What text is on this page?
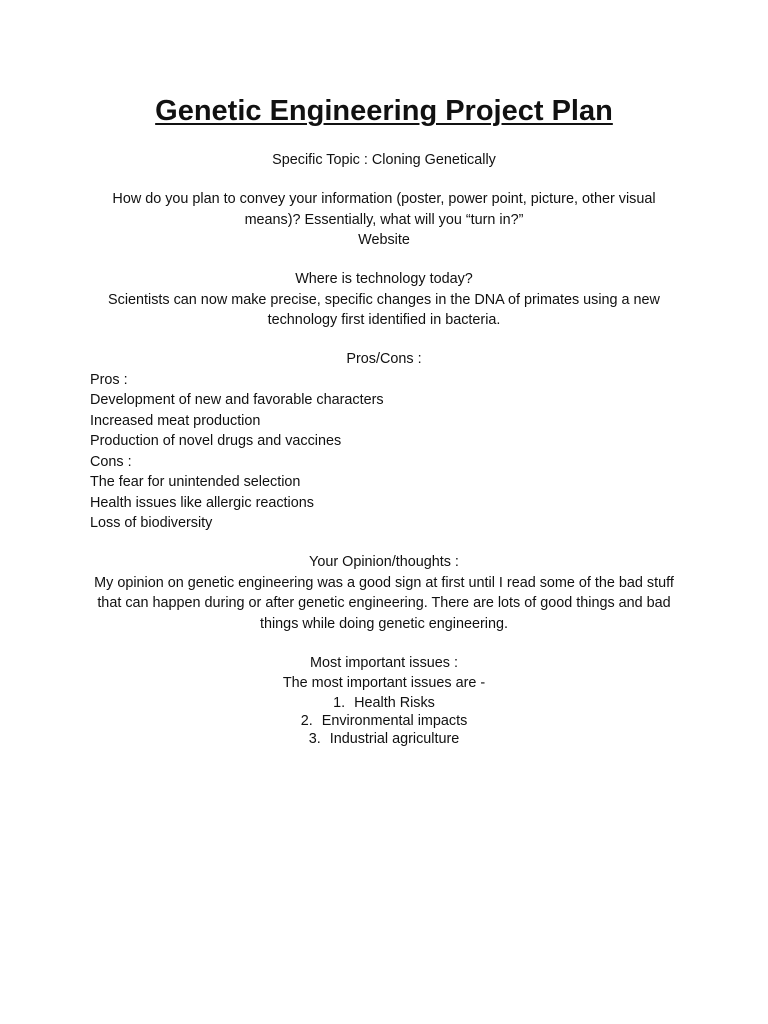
Genetic Engineering Project Plan

Specific Topic : Cloning Genetically

How do you plan to convey your information (poster, power point, picture, other visual means)? Essentially, what will you “turn in?”

Website

Where is technology today?

Scientists can now make precise, specific changes in the DNA of primates using a new technology first identified in bacteria.

Pros/Cons :

Pros :

Development of new and favorable characters

Increased meat production

Production of novel drugs and vaccines

Cons :

The fear for unintended selection

Health issues like allergic reactions

Loss of biodiversity

Your Opinion/thoughts :

My opinion on genetic engineering was a good sign at first until I read some of the bad stuff that can happen during or after genetic engineering. There are lots of good things and bad things while doing genetic engineering.

Most important issues :

The most important issues are -

1. Health Risks
2. Environmental impacts
3. Industrial agriculture
